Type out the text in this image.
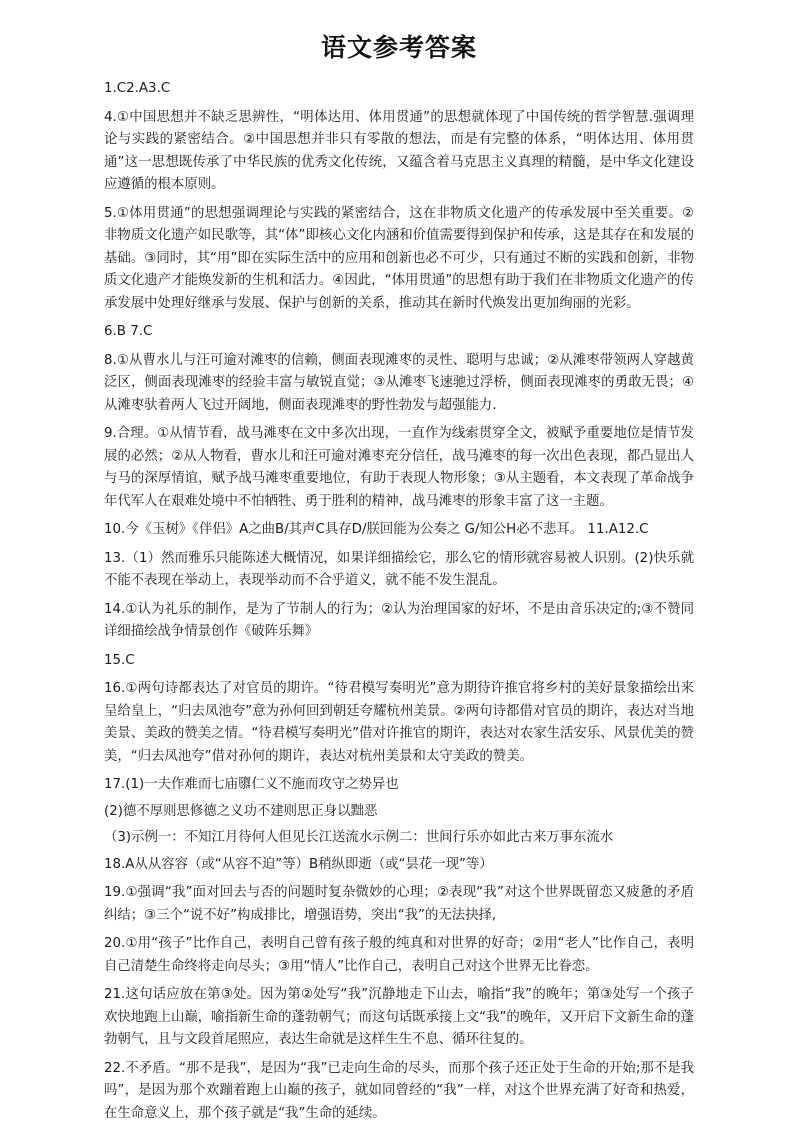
语文参考答案

1.C2.A3.C

4.①中国思想并不缺乏思辨性，“明体达用、体用贯通”的思想就体现了中国传统的哲学智慧.强调理论与实践的紧密结合。②中国思想并非只有零散的想法，而是有完整的体系，“明体达用、体用贯通”这一思想既传承了中华民族的优秀文化传统，又蕴含着马克思主义真理的精髓，是中华文化建设应遵循的根本原则。

5.①体用贯通”的思想强调理论与实践的紧密结合，这在非物质文化遗产的传承发展中至关重要。②非物质文化遗产如民歌等，其“体”即核心文化内涵和价值需要得到保护和传承，这是其存在和发展的基础。③同时，其“用”即在实际生活中的应用和创新也必不可少，只有通过不断的实践和创新，非物质文化遗产才能焕发新的生机和活力。④因此，“体用贯通”的思想有助于我们在非物质文化遗产的传承发展中处理好继承与发展、保护与创新的关系，推动其在新时代焕发出更加绚丽的光彩。

6.B 7.C

8.①从曹水儿与汪可逾对滩枣的信赖，侧面表现滩枣的灵性、聪明与忠诚；②从滩枣带领两人穿越黄泛区，侧面表现滩枣的经验丰富与敏锐直觉；③从滩枣飞速驰过浮桥，侧面表现滩枣的勇敢无畏；④从滩枣驮着两人飞过开阔地，侧面表现滩枣的野性勃发与超强能力.

9.合理。①从情节看，战马滩枣在文中多次出现，一直作为线索贯穿全文，被赋予重要地位是情节发展的必然；②从人物看，曹水儿和汪可逾对滩枣充分信任，战马滩枣的每一次出色表现，都凸显出人与马的深厚情谊，赋予战马滩枣重要地位，有助于表现人物形象；③从主题看，本文表现了革命战争年代军人在艰难处境中不怕牺牲、勇于胜利的精神，战马滩枣的形象丰富了这一主题。

10.今《玉树》《伴侣》A之曲B/其声C具存D/朕回能为公奏之 G/知公H必不悲耳。 11.A12.C

13.（1）然而雅乐只能陈述大概情况，如果详细描绘它，那么它的情形就容易被人识别。(2)快乐就不能不表现在举动上，表现举动而不合乎道义，就不能不发生混乱。

14.①认为礼乐的制作，是为了节制人的行为；②认为治理国家的好坏，不是由音乐决定的;③不赞同详细描绘战争情景创作《破阵乐舞》

15.C

16.①两句诗都表达了对官员的期许。“待君模写奏明光”意为期待许推官将乡村的美好景象描绘出来呈给皇上，“归去凤池夸”意为孙何回到朝廷夸耀杭州美景。②两句诗都借对官员的期许，表达对当地美景、美政的赞美之情。“待君模写奏明光”借对许推官的期许，表达对农家生活安乐、风景优美的赞美，“归去凤池夸”借对孙何的期许，表达对杭州美景和太守美政的赞美。

17.(1)一夫作难而七庙隳仁义不施而攻守之势异也

(2)德不厚则思修德之义功不建则思正身以黜恶

（3)示例一：不知江月待何人但见长江送流水示例二：世间行乐亦如此古来万事东流水

18.A从从容容（或“从容不迫”等）B稍纵即逝（或“昙花一现”等）

19.①强调“我”面对回去与否的问题时复杂微妙的心理；②表现“我”对这个世界既留恋又疲惫的矛盾纠结；③三个“说不好”构成排比，增强语势，突出“我”的无法抉择,

20.①用“孩子”比作自己，表明自己曾有孩子般的纯真和对世界的好奇；②用“老人”比作自己，表明自己清楚生命终将走向尽头；③用“情人”比作自己，表明自己对这个世界无比眷恋。

21.这句话应放在第③处。因为第②处写“我”沉静地走下山去，喻指“我”的晚年；第③处写一个孩子欢快地跑上山巅，喻指新生命的蓬勃朝气；而这句话既承接上文“我”的晚年，又开启下文新生命的蓬勃朝气，且与文段首尾照应，表达生命就是这样生生不息、循环往复的。

22.不矛盾。“那不是我”，是因为“我”已走向生命的尽头，而那个孩子还正处于生命的开始;那不是我吗”，是因为那个欢蹦着跑上山巅的孩子，就如同曾经的“我”一样，对这个世界充满了好奇和热爱，在生命意义上，那个孩子就是“我”生命的延续。
